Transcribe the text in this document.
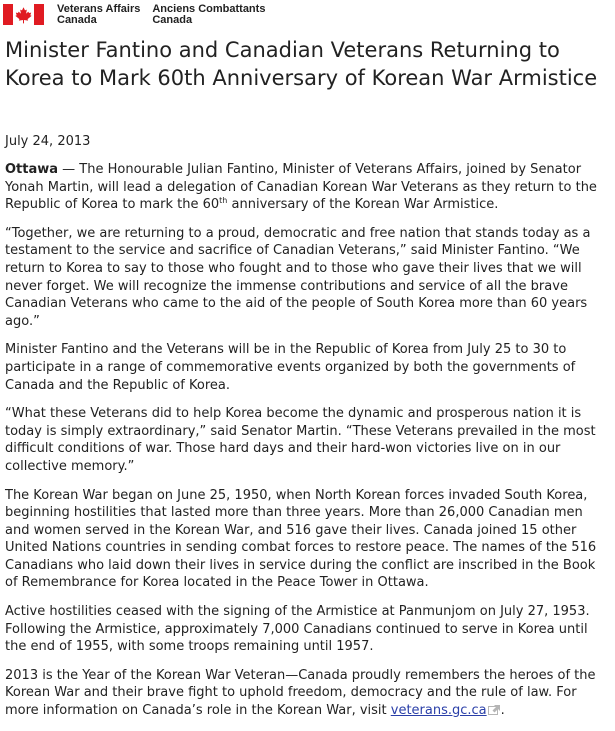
Veterans Affairs
Canada
Anciens Combattants
Canada
Minister Fantino and Canadian Veterans Returning to Korea to Mark 60th Anniversary of Korean War Armistice
July 24, 2013

Ottawa — The Honourable Julian Fantino, Minister of Veterans Affairs, joined by Senator Yonah Martin, will lead a delegation of Canadian Korean War Veterans as they return to the Republic of Korea to mark the 60th anniversary of the Korean War Armistice.

“Together, we are returning to a proud, democratic and free nation that stands today as a testament to the service and sacrifice of Canadian Veterans,” said Minister Fantino. “We return to Korea to say to those who fought and to those who gave their lives that we will never forget. We will recognize the immense contributions and service of all the brave Canadian Veterans who came to the aid of the people of South Korea more than 60 years ago.”

Minister Fantino and the Veterans will be in the Republic of Korea from July 25 to 30 to participate in a range of commemorative events organized by both the governments of Canada and the Republic of Korea.

“What these Veterans did to help Korea become the dynamic and prosperous nation it is today is simply extraordinary,” said Senator Martin. “These Veterans prevailed in the most difficult conditions of war. Those hard days and their hard-won victories live on in our collective memory.”

The Korean War began on June 25, 1950, when North Korean forces invaded South Korea, beginning hostilities that lasted more than three years. More than 26,000 Canadian men and women served in the Korean War, and 516 gave their lives. Canada joined 15 other United Nations countries in sending combat forces to restore peace. The names of the 516 Canadians who laid down their lives in service during the conflict are inscribed in the Book of Remembrance for Korea located in the Peace Tower in Ottawa.

Active hostilities ceased with the signing of the Armistice at Panmunjom on July 27, 1953. Following the Armistice, approximately 7,000 Canadians continued to serve in Korea until the end of 1955, with some troops remaining until 1957.

2013 is the Year of the Korean War Veteran—Canada proudly remembers the heroes of the Korean War and their brave fight to uphold freedom, democracy and the rule of law. For more information on Canada’s role in the Korean War, visit veterans.gc.ca .
